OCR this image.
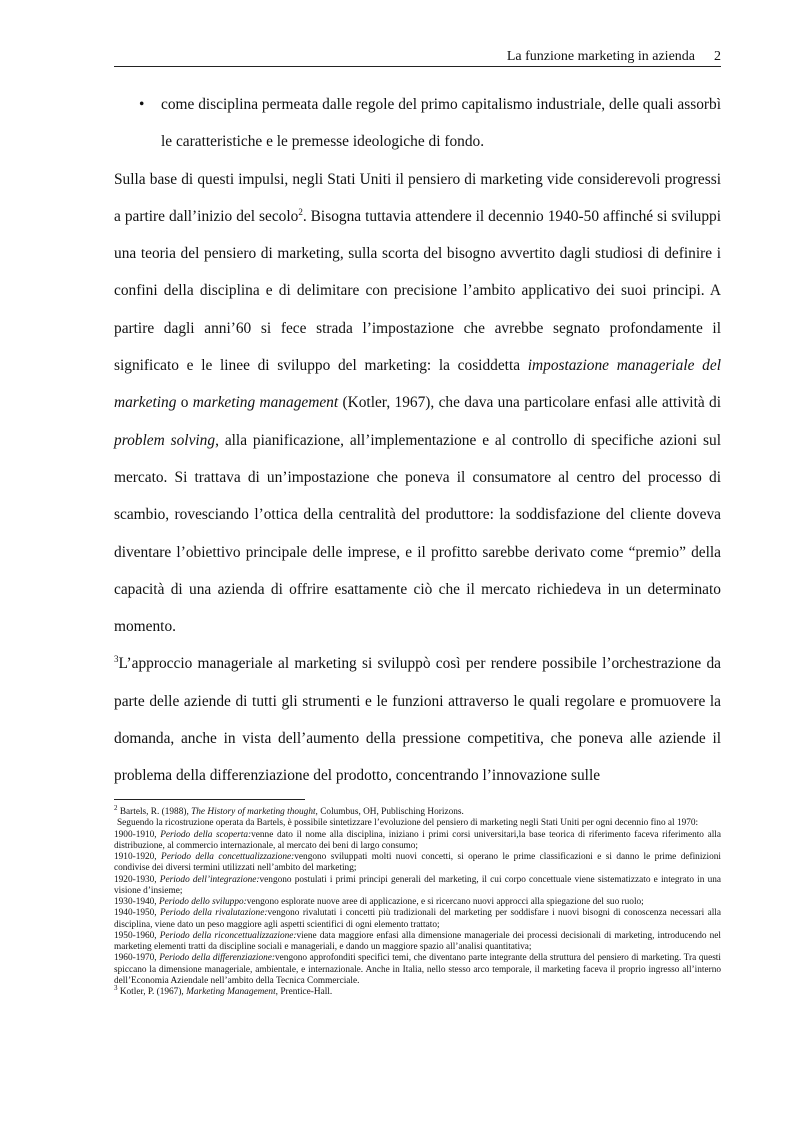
La funzione marketing in azienda 2

• come disciplina permeata dalle regole del primo capitalismo industriale, delle quali assorbì le caratteristiche e le premesse ideologiche di fondo.

Sulla base di questi impulsi, negli Stati Uniti il pensiero di marketing vide considerevoli progressi a partire dall’inizio del secolo$^2$. Bisogna tuttavia attendere il decennio 1940-50 affinché si sviluppi una teoria del pensiero di marketing, sulla scorta del bisogno avvertito dagli studiosi di definire i confini della disciplina e di delimitare con precisione l’ambito applicativo dei suoi principi. A partire dagli anni’60 si fece strada l’impostazione che avrebbe segnato profondamente il significato e le linee di sviluppo del marketing: la cosiddetta impostazione manageriale del marketing o marketing management (Kotler, 1967), che dava una particolare enfasi alle attività di problem solving, alla pianificazione, all’implementazione e al controllo di specifiche azioni sul mercato. Si trattava di un’impostazione che poneva il consumatore al centro del processo di scambio, rovesciando l’ottica della centralità del produttore: la soddisfazione del cliente doveva diventare l’obiettivo principale delle imprese, e il profitto sarebbe derivato come “premio” della capacità di una azienda di offrire esattamente ciò che il mercato richiedeva in un determinato momento.

$^3$L’approccio manageriale al marketing si sviluppò così per rendere possibile l’orchestrazione da parte delle aziende di tutti gli strumenti e le funzioni attraverso le quali regolare e promuovere la domanda, anche in vista dell’aumento della pressione competitiva, che poneva alle aziende il problema della differenziazione del prodotto, concentrando l’innovazione sulle

$^2$ Bartels, R. (1988), The History of marketing thought, Columbus, OH, Publisching Horizons.

Seguendo la ricostruzione operata da Bartels, è possibile sintetizzare l’evoluzione del pensiero di marketing negli Stati Uniti per ogni decennio fino al 1970:

1900-1910, Periodo della scoperta:venne dato il nome alla disciplina, iniziano i primi corsi universitari,la base teorica di riferimento faceva riferimento alla distribuzione, al commercio internazionale, al mercato dei beni di largo consumo;

1910-1920, Periodo della concettualizzazione:vengono sviluppati molti nuovi concetti, si operano le prime classificazioni e si danno le prime definizioni condivise dei diversi termini utilizzati nell’ambito del marketing;

1920-1930, Periodo dell’integrazione:vengono postulati i primi principi generali del marketing, il cui corpo concettuale viene sistematizzato e integrato in una visione d’insieme;

1930-1940, Periodo dello sviluppo:vengono esplorate nuove aree di applicazione, e si ricercano nuovi approcci alla spiegazione del suo ruolo;

1940-1950, Periodo della rivalutazione:vengono rivalutati i concetti più tradizionali del marketing per soddisfare i nuovi bisogni di conoscenza necessari alla disciplina, viene dato un peso maggiore agli aspetti scientifici di ogni elemento trattato;

1950-1960, Periodo della riconcettualizzazione:viene data maggiore enfasi alla dimensione manageriale dei processi decisionali di marketing, introducendo nel marketing elementi tratti da discipline sociali e manageriali, e dando un maggiore spazio all’analisi quantitativa;

1960-1970, Periodo della differenziazione:vengono approfonditi specifici temi, che diventano parte integrante della struttura del pensiero di marketing. Tra questi spiccano la dimensione manageriale, ambientale, e internazionale. Anche in Italia, nello stesso arco temporale, il marketing faceva il proprio ingresso all’interno dell’Economia Aziendale nell’ambito della Tecnica Commerciale.

$^3$ Kotler, P. (1967), Marketing Management, Prentice-Hall.
